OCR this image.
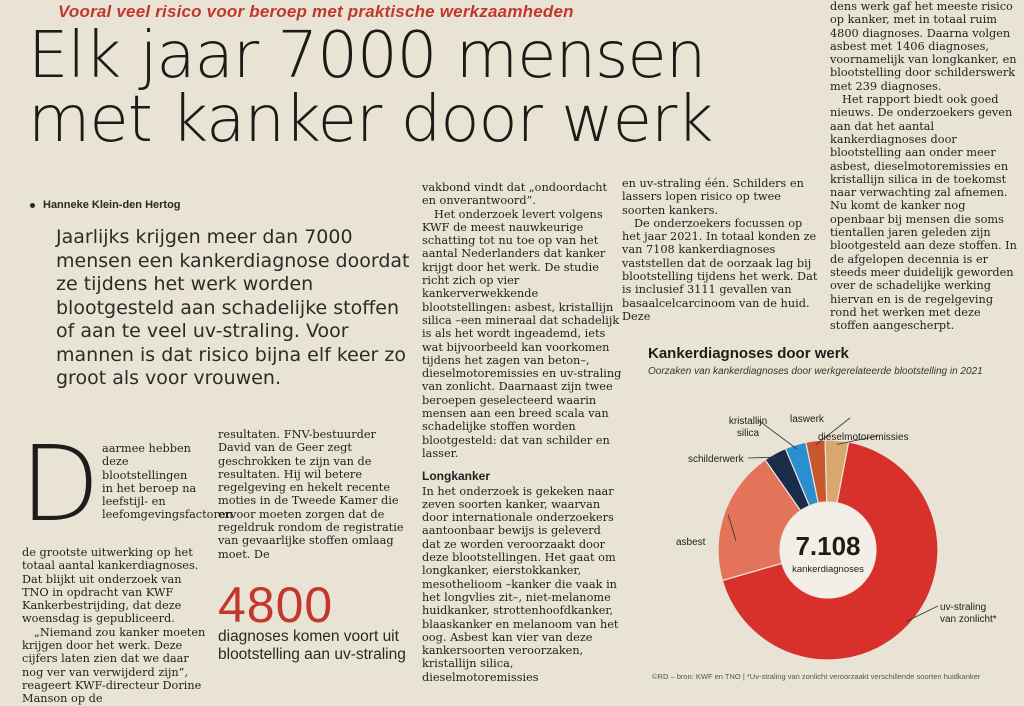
Vooral veel risico voor beroep met praktische werkzaamheden
Elk jaar 7000 mensen
met kanker door werk
Hanneke Klein-den Hertog
Jaarlijks krijgen meer dan 7000 mensen een kankerdiagnose doordat ze tijdens het werk worden blootgesteld aan schadelijke stoffen of aan te veel uv-straling. Voor mannen is dat risico bijna elf keer zo groot als voor vrouwen.
D aarmee hebben deze blootstellingen in het beroep na leefstijl- en leefomgevingsfactoren

de grootste uitwerking op het totaal aantal kankerdiagnoses. Dat blijkt uit onderzoek van TNO in opdracht van KWF Kankerbestrijding, dat deze woensdag is gepubliceerd.

„Niemand zou kanker moeten krijgen door het werk. Deze cijfers laten zien dat we daar nog ver van verwijderd zijn”, reageert KWF-directeur Dorine Manson op de

resultaten. FNV-bestuurder David van de Geer zegt geschrokken te zijn van de resultaten. Hij wil betere regelgeving en hekelt recente moties in de Tweede Kamer die ervoor moeten zorgen dat de regeldruk rondom de registratie van gevaarlijke stoffen omlaag moet. De

4800
diagnoses komen voort uit blootstelling aan uv-straling

vakbond vindt dat „ondoordacht en onverantwoord”.

Het onderzoek levert volgens KWF de meest nauwkeurige schatting tot nu toe op van het aantal Nederlanders dat kanker krijgt door het werk. De studie richt zich op vier kankerverwekkende blootstellingen: asbest, kristallijn silica –een mineraal dat schadelijk is als het wordt ingeademd, iets wat bijvoorbeeld kan voorkomen tijdens het zagen van beton–, dieselmotoremissies en uv-straling van zonlicht. Daarnaast zijn twee beroepen geselecteerd waarin mensen aan een breed scala van schadelijke stoffen worden blootgesteld: dat van schilder en lasser.

Longkanker

In het onderzoek is gekeken naar zeven soorten kanker, waarvan door internationale onderzoekers aantoonbaar bewijs is geleverd dat ze worden veroorzaakt door deze blootstellingen. Het gaat om longkanker, eierstokkanker, mesothelioom –kanker die vaak in het longvlies zit–, niet-melanome huidkanker, strottenhoofdkanker, blaaskanker en melanoom van het oog. Asbest kan vier van deze kankersoorten veroorzaken, kristallijn silica, dieselmotoremissies

en uv-straling één. Schilders en lassers lopen risico op twee soorten kankers.

De onderzoekers focussen op het jaar 2021. In totaal konden ze van 7108 kankerdiagnoses vaststellen dat de oorzaak lag bij blootstelling tijdens het werk. Dat is inclusief 3111 gevallen van basaalcelcarcinoom van de huid. Deze

dens werk gaf het meeste risico op kanker, met in totaal ruim 4800 diagnoses. Daarna volgen asbest met 1406 diagnoses, voornamelijk van longkanker, en blootstelling door schilderswerk met 239 diagnoses.

Het rapport biedt ook goed nieuws. De onderzoekers geven aan dat het aantal kankerdiagnoses door blootstelling aan onder meer asbest, dieselmotoremissies en kristallijn silica in de toekomst naar verwachting zal afnemen. Nu komt de kanker nog openbaar bij mensen die soms tientallen jaren geleden zijn blootgesteld aan deze stoffen. In de afgelopen decennia is er steeds meer duidelijk geworden over de schadelijke werking hiervan en is de regelgeving rond het werken met deze stoffen aangescherpt.

Kankerdiagnoses door werk
Oorzaken van kankerdiagnoses door werkgerelateerde blootstelling in 2021
uv-straling van zonlicht*
asbest
schilderwerk
kristallijn silica
laswerk
dieselmotoremissies
7.108
kankerdiagnoses
©RD – bron: KWF en TNO | *Uv-straling van zonlicht veroorzaakt verschillende soorten huidkanker
